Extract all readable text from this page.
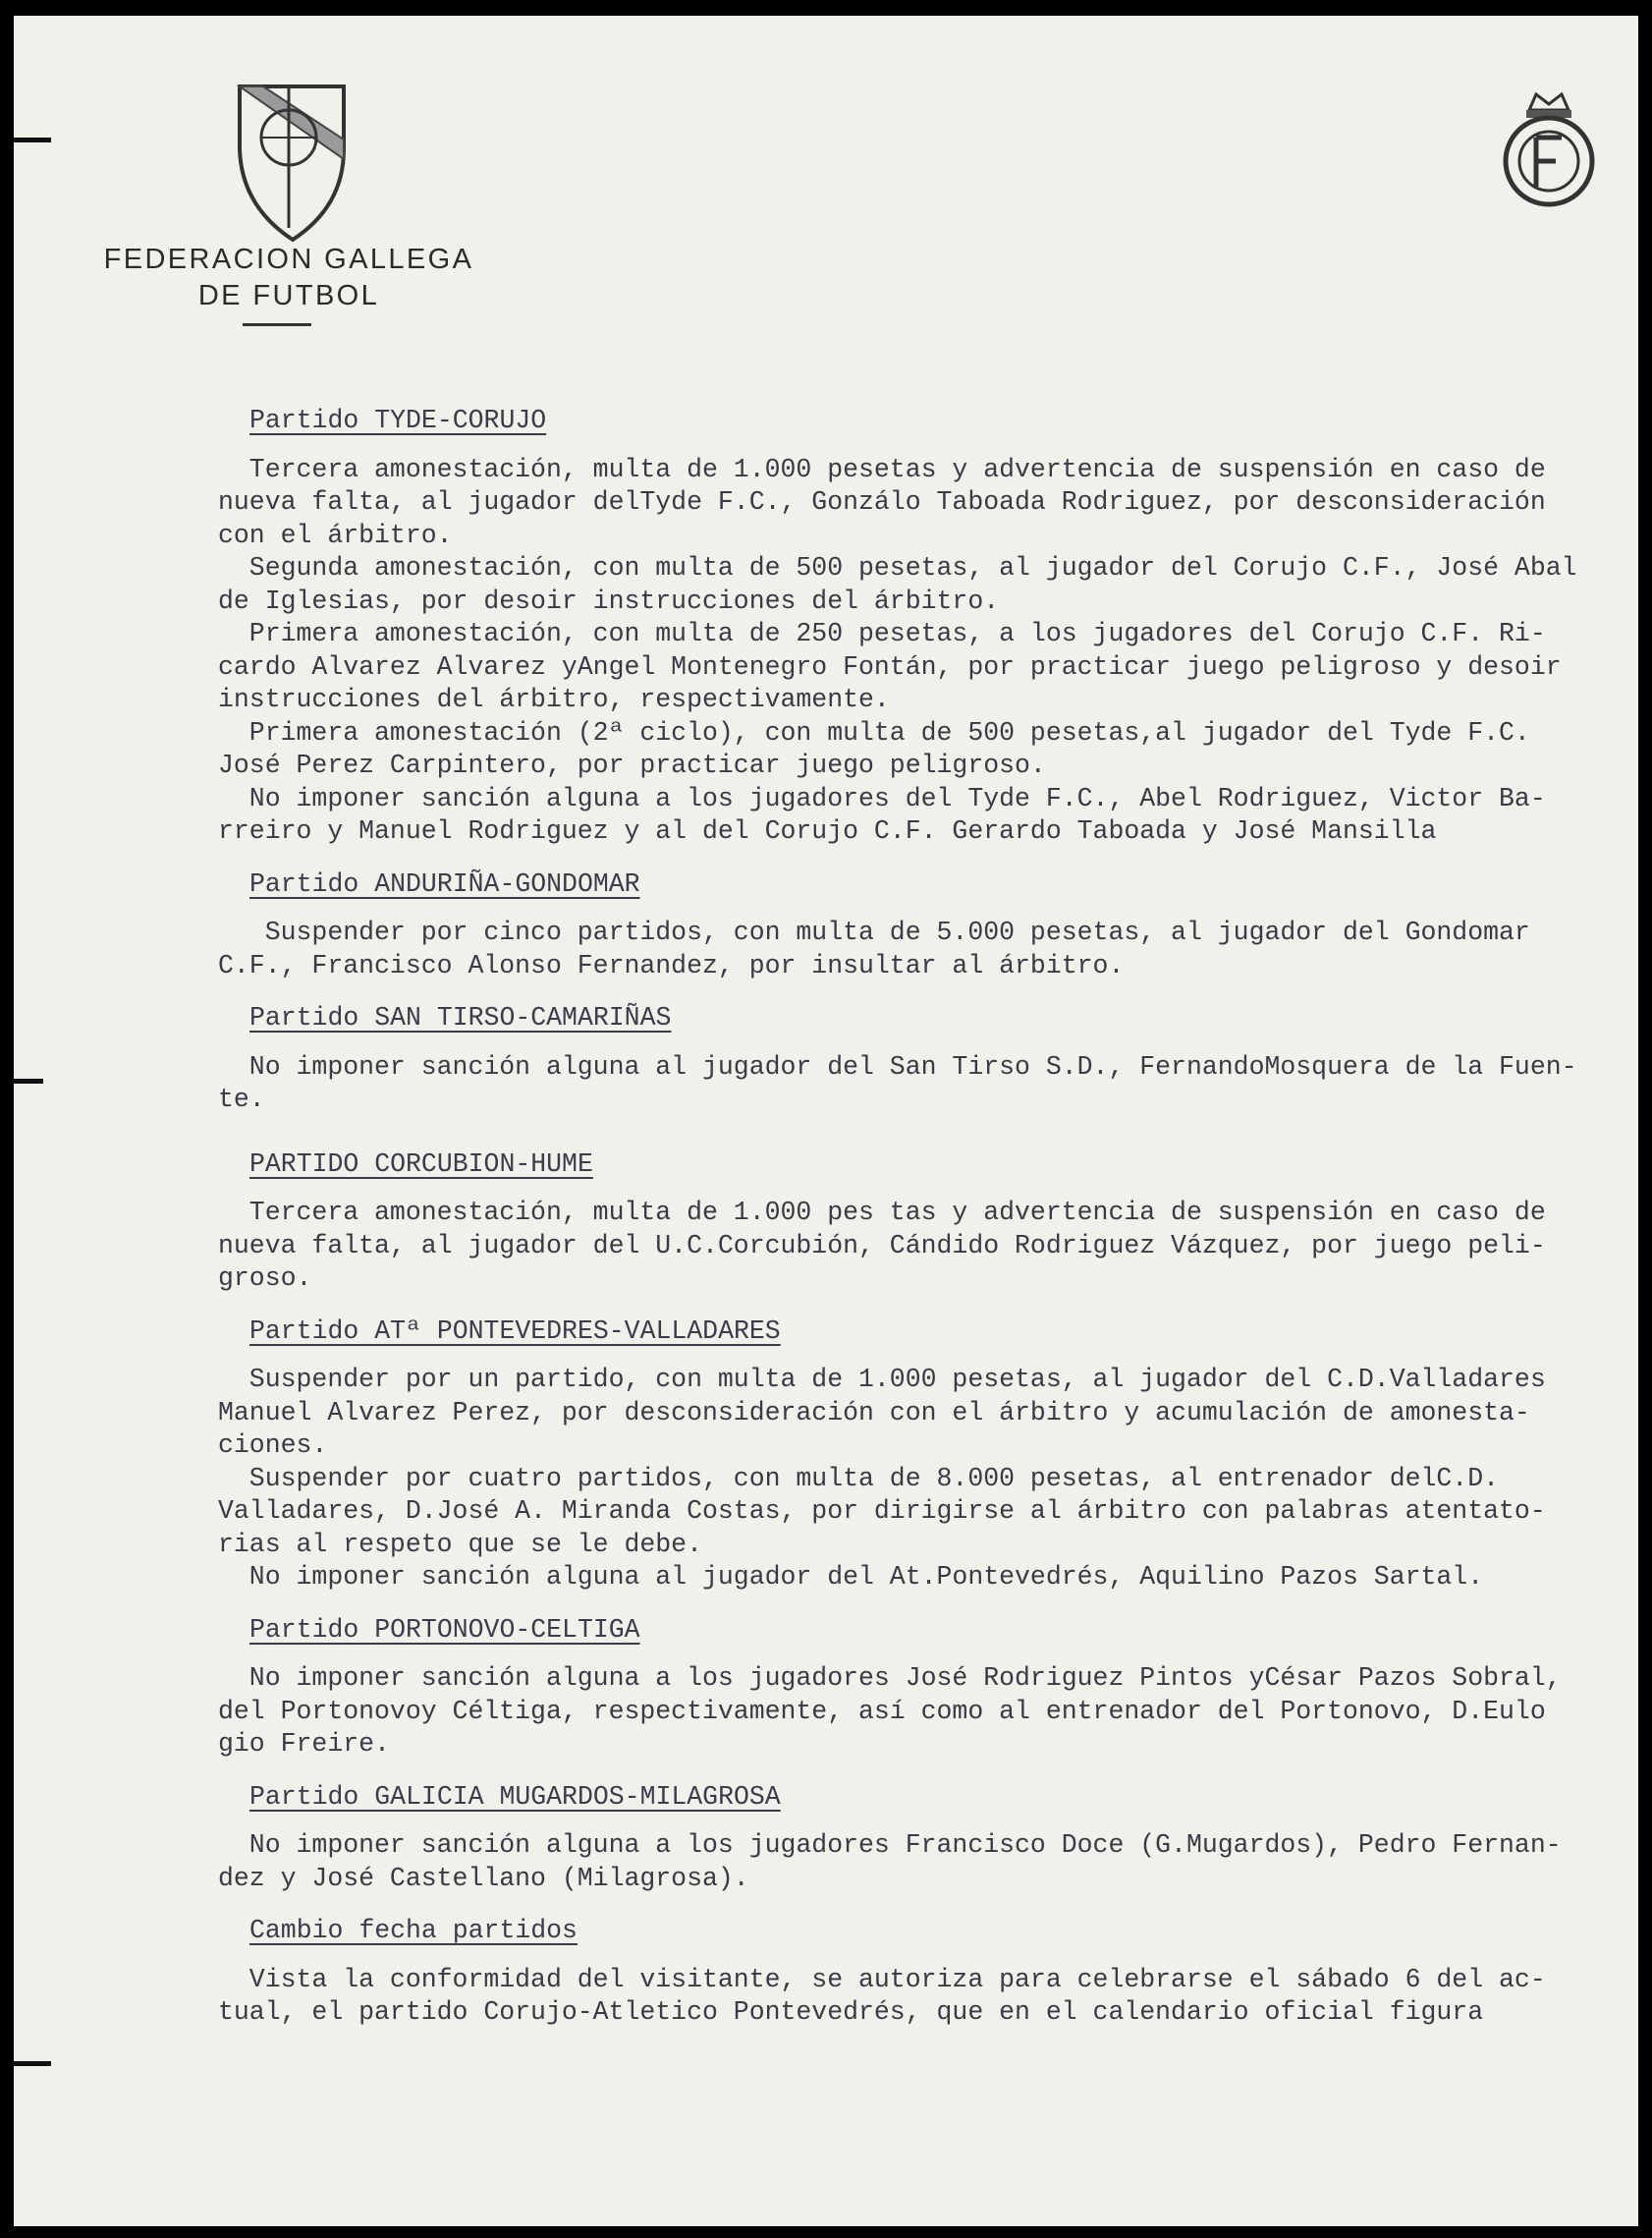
FEDERACION GALLEGA
DE FUTBOL
Partido TYDE-CORUJO
Tercera amonestación, multa de 1.000 pesetas y advertencia de suspensión en caso de
nueva falta, al jugador delTyde F.C., Gonzálo Taboada Rodriguez, por desconsideración
con el árbitro.
Segunda amonestación, con multa de 500 pesetas, al jugador del Corujo C.F., José Abal
de Iglesias, por desoir instrucciones del árbitro.
Primera amonestación, con multa de 250 pesetas, a los jugadores del Corujo C.F. Ri-
cardo Alvarez Alvarez yAngel Montenegro Fontán, por practicar juego peligroso y desoir
instrucciones del árbitro, respectivamente.
Primera amonestación (2ª ciclo), con multa de 500 pesetas,al jugador del Tyde F.C.
José Perez Carpintero, por practicar juego peligroso.
No imponer sanción alguna a los jugadores del Tyde F.C., Abel Rodriguez, Victor Ba-
rreiro y Manuel Rodriguez y al del Corujo C.F. Gerardo Taboada y José Mansilla
Partido ANDURIÑA-GONDOMAR
Suspender por cinco partidos, con multa de 5.000 pesetas, al jugador del Gondomar
C.F., Francisco Alonso Fernandez, por insultar al árbitro.
Partido SAN TIRSO-CAMARIÑAS
No imponer sanción alguna al jugador del San Tirso S.D., FernandoMosquera de la Fuen-
te.
PARTIDO CORCUBION-HUME
Tercera amonestación, multa de 1.000 pes tas y advertencia de suspensión en caso de
nueva falta, al jugador del U.C.Corcubión, Cándido Rodriguez Vázquez, por juego peli-
groso.
Partido ATª PONTEVEDRES-VALLADARES
Suspender por un partido, con multa de 1.000 pesetas, al jugador del C.D.Valladares
Manuel Alvarez Perez, por desconsideración con el árbitro y acumulación de amonesta-
ciones.
Suspender por cuatro partidos, con multa de 8.000 pesetas, al entrenador delC.D.
Valladares, D.José A. Miranda Costas, por dirigirse al árbitro con palabras atentato-
rias al respeto que se le debe.
No imponer sanción alguna al jugador del At.Pontevedrés, Aquilino Pazos Sartal.
Partido PORTONOVO-CELTIGA
No imponer sanción alguna a los jugadores José Rodriguez Pintos yCésar Pazos Sobral,
del Portonovoy Céltiga, respectivamente, así como al entrenador del Portonovo, D.Eulo
gio Freire.
Partido GALICIA MUGARDOS-MILAGROSA
No imponer sanción alguna a los jugadores Francisco Doce (G.Mugardos), Pedro Fernan-
dez y José Castellano (Milagrosa).
Cambio fecha partidos
Vista la conformidad del visitante, se autoriza para celebrarse el sábado 6 del ac-
tual, el partido Corujo-Atletico Pontevedrés, que en el calendario oficial figura
